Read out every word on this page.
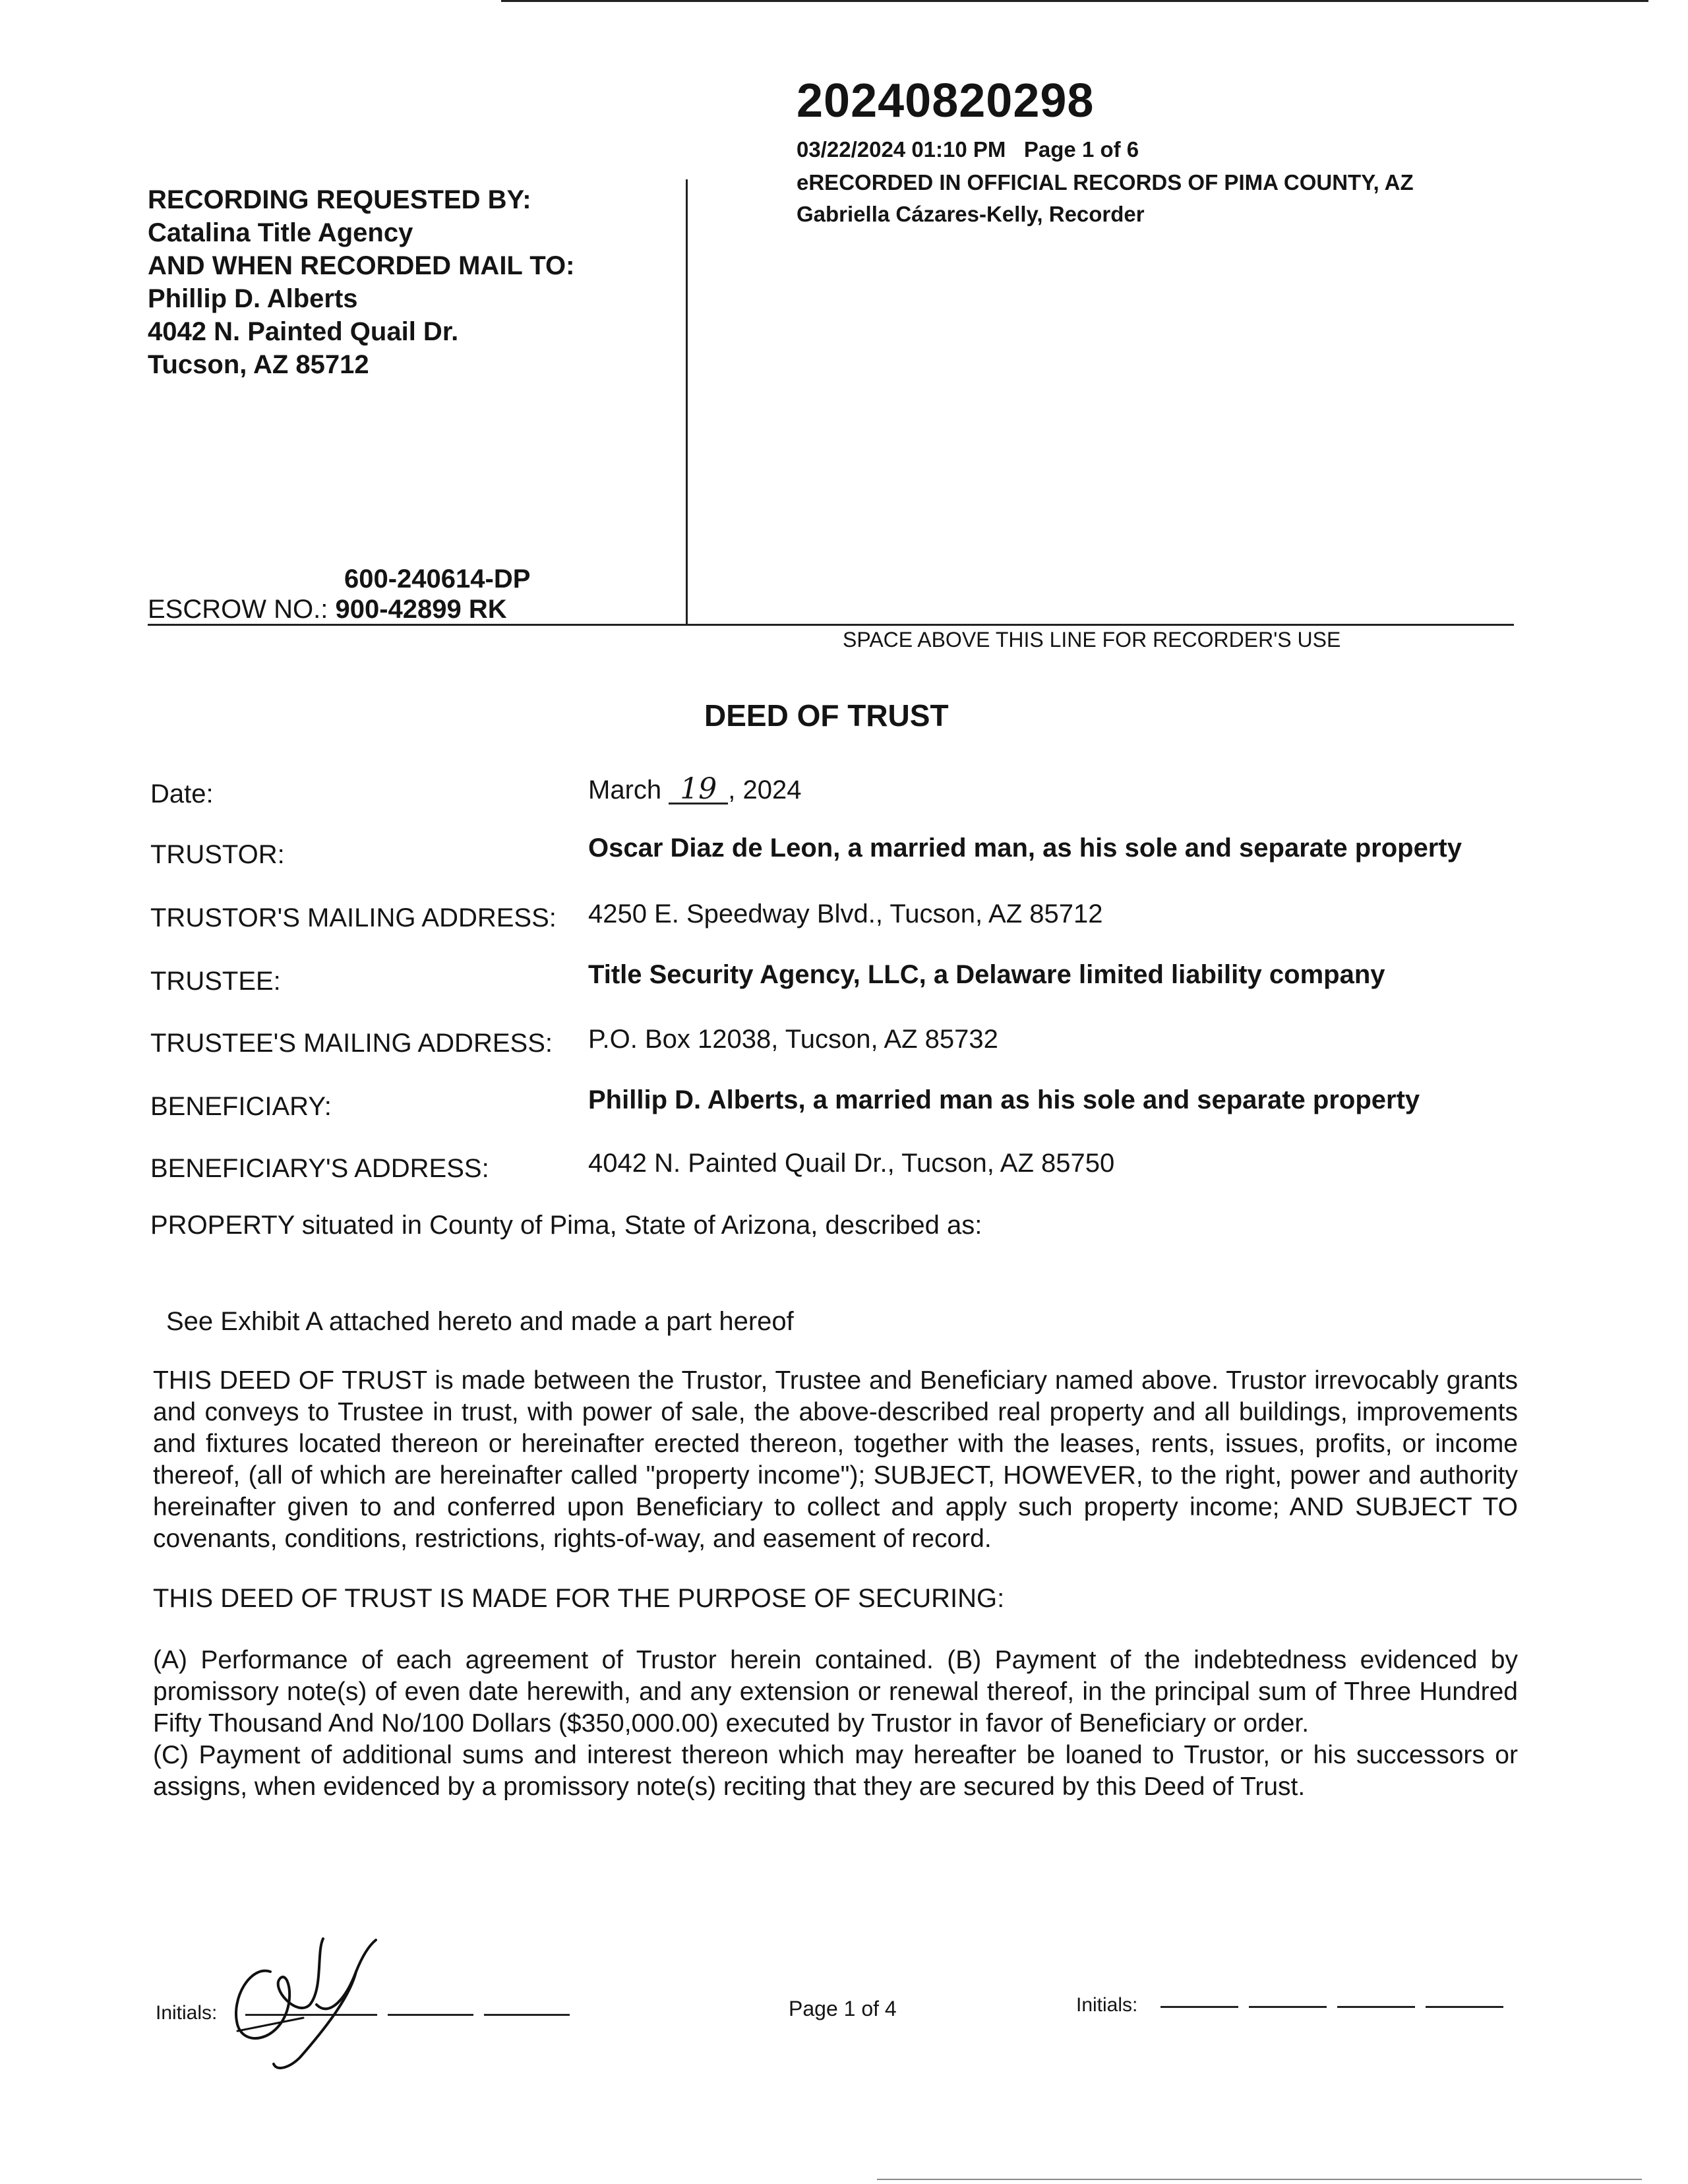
20240820298
03/22/2024 01:10 PM   Page 1 of 6
eRECORDED IN OFFICIAL RECORDS OF PIMA COUNTY, AZ
Gabriella Cázares-Kelly, Recorder
RECORDING REQUESTED BY:
Catalina Title Agency
AND WHEN RECORDED MAIL TO:
Phillip D. Alberts
4042 N. Painted Quail Dr.
Tucson, AZ 85712
600-240614-DP
ESCROW NO.: 900-42899 RK
SPACE ABOVE THIS LINE FOR RECORDER'S USE
DEED OF TRUST
Date:	March 19 , 2024
TRUSTOR:	Oscar Diaz de Leon, a married man, as his sole and separate property
TRUSTOR'S MAILING ADDRESS: 4250 E. Speedway Blvd., Tucson, AZ 85712
TRUSTEE:	Title Security Agency, LLC, a Delaware limited liability company
TRUSTEE'S MAILING ADDRESS: P.O. Box 12038, Tucson, AZ 85732
BENEFICIARY:	Phillip D. Alberts, a married man as his sole and separate property
BENEFICIARY'S ADDRESS:	4042 N. Painted Quail Dr., Tucson, AZ 85750
PROPERTY situated in County of Pima, State of Arizona, described as:
See Exhibit A attached hereto and made a part hereof
THIS DEED OF TRUST is made between the Trustor, Trustee and Beneficiary named above. Trustor irrevocably grants and conveys to Trustee in trust, with power of sale, the above-described real property and all buildings, improvements and fixtures located thereon or hereinafter erected thereon, together with the leases, rents, issues, profits, or income thereof, (all of which are hereinafter called "property income"); SUBJECT, HOWEVER, to the right, power and authority hereinafter given to and conferred upon Beneficiary to collect and apply such property income; AND SUBJECT TO covenants, conditions, restrictions, rights-of-way, and easement of record.
THIS DEED OF TRUST IS MADE FOR THE PURPOSE OF SECURING:
(A) Performance of each agreement of Trustor herein contained. (B) Payment of the indebtedness evidenced by promissory note(s) of even date herewith, and any extension or renewal thereof, in the principal sum of Three Hundred Fifty Thousand And No/100 Dollars ($350,000.00) executed by Trustor in favor of Beneficiary or order.
(C) Payment of additional sums and interest thereon which may hereafter be loaned to Trustor, or his successors or assigns, when evidenced by a promissory note(s) reciting that they are secured by this Deed of Trust.
Initials:	Page 1 of 4	Initials:
